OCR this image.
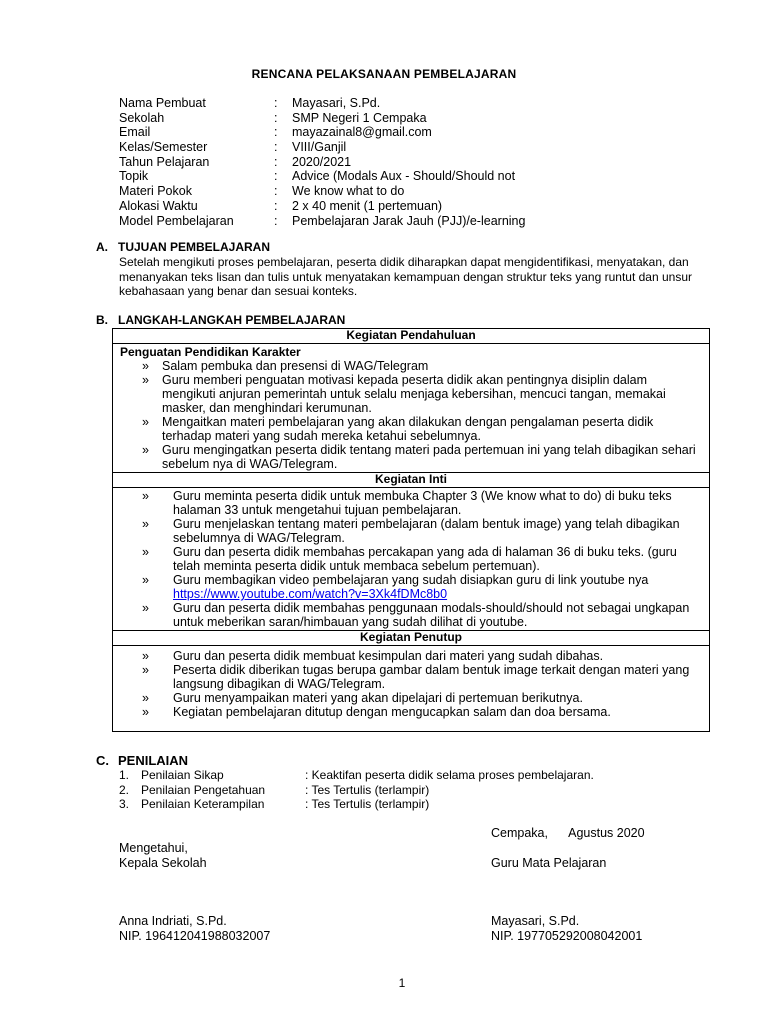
RENCANA PELAKSANAAN PEMBELAJARAN
Nama Pembuat	:	Mayasari, S.Pd.
Sekolah	:	SMP Negeri 1 Cempaka
Email	:	mayazainal8@gmail.com
Kelas/Semester	:	VIII/Ganjil
Tahun Pelajaran	:	2020/2021
Topik	:	Advice (Modals Aux - Should/Should not
Materi Pokok	:	We know what to do
Alokasi Waktu	:	2 x 40 menit (1 pertemuan)
Model Pembelajaran	:	Pembelajaran Jarak Jauh (PJJ)/e-learning
A. TUJUAN PEMBELAJARAN
Setelah mengikuti proses pembelajaran, peserta didik diharapkan dapat mengidentifikasi, menyatakan, dan menanyakan teks lisan dan tulis untuk menyatakan kemampuan dengan struktur teks yang runtut dan unsur kebahasaan yang benar dan sesuai konteks.
B. LANGKAH-LANGKAH PEMBELAJARAN
Kegiatan Pendahuluan
Penguatan Pendidikan Karakter
»	Salam pembuka dan presensi di WAG/Telegram
»	Guru memberi penguatan motivasi kepada peserta didik akan pentingnya disiplin dalam mengikuti anjuran pemerintah untuk selalu menjaga kebersihan, mencuci tangan, memakai masker, dan menghindari kerumunan.
»	Mengaitkan materi pembelajaran yang akan dilakukan dengan pengalaman peserta didik terhadap materi yang sudah mereka ketahui sebelumnya.
»	Guru mengingatkan peserta didik tentang materi pada pertemuan ini yang telah dibagikan sehari sebelum nya di WAG/Telegram.
Kegiatan Inti
»	Guru meminta peserta didik untuk membuka Chapter 3 (We know what to do) di buku teks halaman 33 untuk mengetahui tujuan pembelajaran.
»	Guru menjelaskan tentang materi pembelajaran (dalam bentuk image) yang telah dibagikan sebelumnya di WAG/Telegram.
»	Guru dan peserta didik membahas percakapan yang ada di halaman 36 di buku teks. (guru telah meminta peserta didik untuk membaca sebelum pertemuan).
»	Guru membagikan video pembelajaran yang sudah disiapkan guru di link youtube nya
https://www.youtube.com/watch?v=3Xk4fDMc8b0
»	Guru dan peserta didik membahas penggunaan modals-should/should not sebagai ungkapan untuk meberikan saran/himbauan yang sudah dilihat di youtube.
Kegiatan Penutup
»	Guru dan peserta didik membuat kesimpulan dari materi yang sudah dibahas.
»	Peserta didik diberikan tugas berupa gambar dalam bentuk image terkait dengan materi yang langsung dibagikan di WAG/Telegram.
»	Guru menyampaikan materi yang akan dipelajari di pertemuan berikutnya.
»	Kegiatan pembelajaran ditutup dengan mengucapkan salam dan doa bersama.
C. PENILAIAN
1. Penilaian Sikap	: Keaktifan peserta didik selama proses pembelajaran.
2. Penilaian Pengetahuan	: Tes Tertulis (terlampir)
3. Penilaian Keterampilan	: Tes Tertulis (terlampir)
Cempaka,      Agustus 2020
Mengetahui,
Kepala Sekolah	Guru Mata Pelajaran
Anna Indriati, S.Pd.
NIP. 196412041988032007
Mayasari, S.Pd.
NIP. 197705292008042001
1
